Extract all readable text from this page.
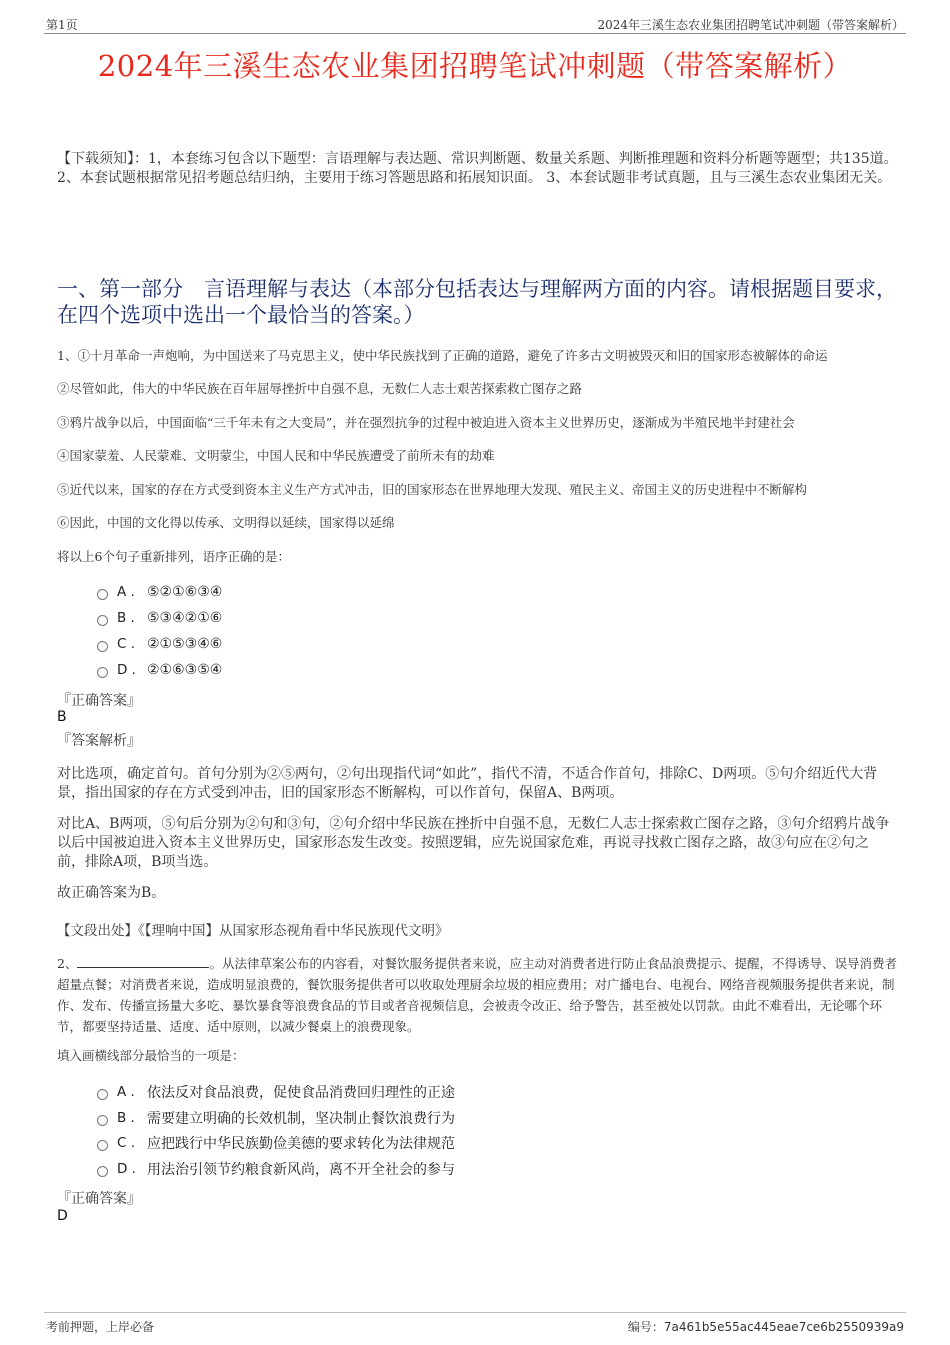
第1页	2024年三溪生态农业集团招聘笔试冲刺题（带答案解析）
2024年三溪生态农业集团招聘笔试冲刺题（带答案解析）
【下载须知】：1，本套练习包含以下题型：言语理解与表达题、常识判断题、数量关系题、判断推理题和资料分析题等题型；共135道。 2、本套试题根据常见招考题总结归纳，主要用于练习答题思路和拓展知识面。 3、本套试题非考试真题，且与三溪生态农业集团无关。
一、第一部分　言语理解与表达（本部分包括表达与理解两方面的内容。请根据题目要求，在四个选项中选出一个最恰当的答案。）
1、①十月革命一声炮响，为中国送来了马克思主义，使中华民族找到了正确的道路，避免了许多古文明被毁灭和旧的国家形态被解体的命运
②尽管如此，伟大的中华民族在百年屈辱挫折中自强不息，无数仁人志士艰苦探索救亡图存之路
③鸦片战争以后，中国面临“三千年未有之大变局”，并在强烈抗争的过程中被迫进入资本主义世界历史，逐渐成为半殖民地半封建社会
④国家蒙羞、人民蒙难、文明蒙尘，中国人民和中华民族遭受了前所未有的劫难
⑤近代以来，国家的存在方式受到资本主义生产方式冲击，旧的国家形态在世界地理大发现、殖民主义、帝国主义的历史进程中不断解构
⑥因此，中国的文化得以传承、文明得以延续，国家得以延绵
将以上6个句子重新排列，语序正确的是：
A . ⑤②①⑥③④
B . ⑤③④②①⑥
C . ②①⑤③④⑥
D . ②①⑥③⑤④
『正确答案』
B
『答案解析』
对比选项，确定首句。首句分别为②⑤两句，②句出现指代词“如此”，指代不清，不适合作首句，排除C、D两项。⑤句介绍近代大背景，指出国家的存在方式受到冲击，旧的国家形态不断解构，可以作首句，保留A、B两项。
对比A、B两项，⑤句后分别为②句和③句，②句介绍中华民族在挫折中自强不息，无数仁人志士探索救亡图存之路，③句介绍鸦片战争以后中国被迫进入资本主义世界历史，国家形态发生改变。按照逻辑，应先说国家危难，再说寻找救亡图存之路，故③句应在②句之前，排除A项，B项当选。
故正确答案为B。
【文段出处】《【理响中国】从国家形态视角看中华民族现代文明》
2、	。从法律草案公布的内容看，对餐饮服务提供者来说，应主动对消费者进行防止食品浪费提示、提醒，不得诱导、误导消费者超量点餐；对消费者来说，造成明显浪费的，餐饮服务提供者可以收取处理厨余垃圾的相应费用；对广播电台、电视台、网络音视频服务提供者来说，制作、发布、传播宣扬量大多吃、暴饮暴食等浪费食品的节目或者音视频信息，会被责令改正、给予警告，甚至被处以罚款。由此不难看出，无论哪个环节，都要坚持适量、适度、适中原则，以减少餐桌上的浪费现象。
填入画横线部分最恰当的一项是：
A . 依法反对食品浪费，促使食品消费回归理性的正途
B . 需要建立明确的长效机制，坚决制止餐饮浪费行为
C . 应把践行中华民族勤俭美德的要求转化为法律规范
D . 用法治引领节约粮食新风尚，离不开全社会的参与
『正确答案』
D
考前押题，上岸必备	编号：7a461b5e55ac445eae7ce6b2550939a9
